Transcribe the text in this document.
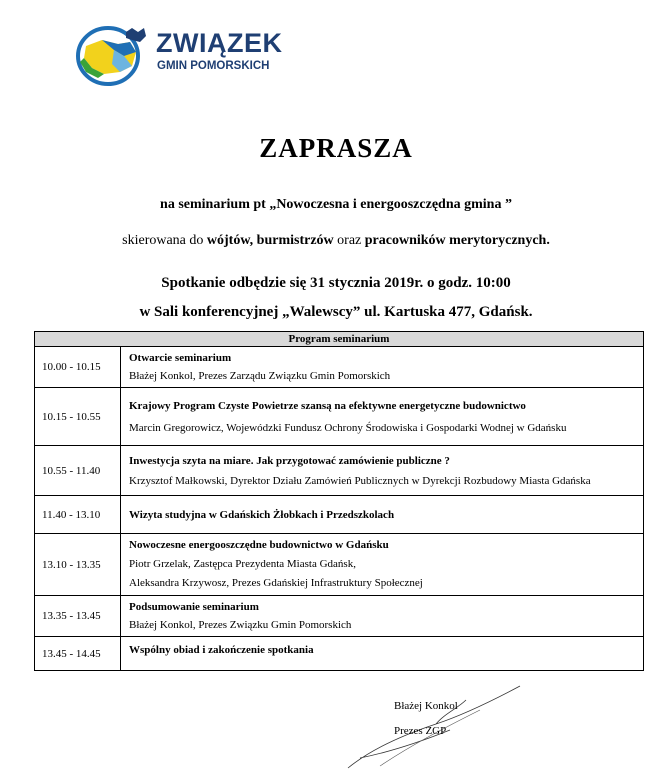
ZWIĄZEK
GMIN POMORSKICH
ZAPRASZA
na seminarium pt „Nowoczesna i energooszczędna gmina ”
skierowana do wójtów, burmistrzów oraz pracowników merytorycznych.
Spotkanie odbędzie się 31 stycznia 2019r. o godz. 10:00
w Sali konferencyjnej „Walewscy” ul. Kartuska 477, Gdańsk.
Program seminarium	
10.00 - 10.15	Otwarcie seminarium
Błażej Konkol, Prezes Zarządu Związku Gmin Pomorskich

10.15 - 10.55	Krajowy Program Czyste Powietrze szansą na efektywne energetyczne budownictwo
Marcin Gregorowicz, Wojewódzki Fundusz Ochrony Środowiska i Gospodarki Wodnej w Gdańsku

10.55 - 11.40	Inwestycja szyta na miare. Jak przygotować zamówienie publiczne ?
Krzysztof Małkowski, Dyrektor Działu Zamówień Publicznych w Dyrekcji Rozbudowy Miasta Gdańska

11.40 - 13.10	Wizyta studyjna w Gdańskich Żłobkach i Przedszkolach

13.10 - 13.35	Nowoczesne energooszczędne budownictwo w Gdańsku
Piotr Grzelak, Zastępca Prezydenta Miasta Gdańsk,
Aleksandra Krzywosz, Prezes Gdańskiej Infrastruktury Społecznej

13.35 - 13.45	Podsumowanie seminarium
Błażej Konkol, Prezes Związku Gmin Pomorskich

13.45 - 14.45	Wspólny obiad i zakończenie spotkania
Błażej Konkol
Prezes ZGP
